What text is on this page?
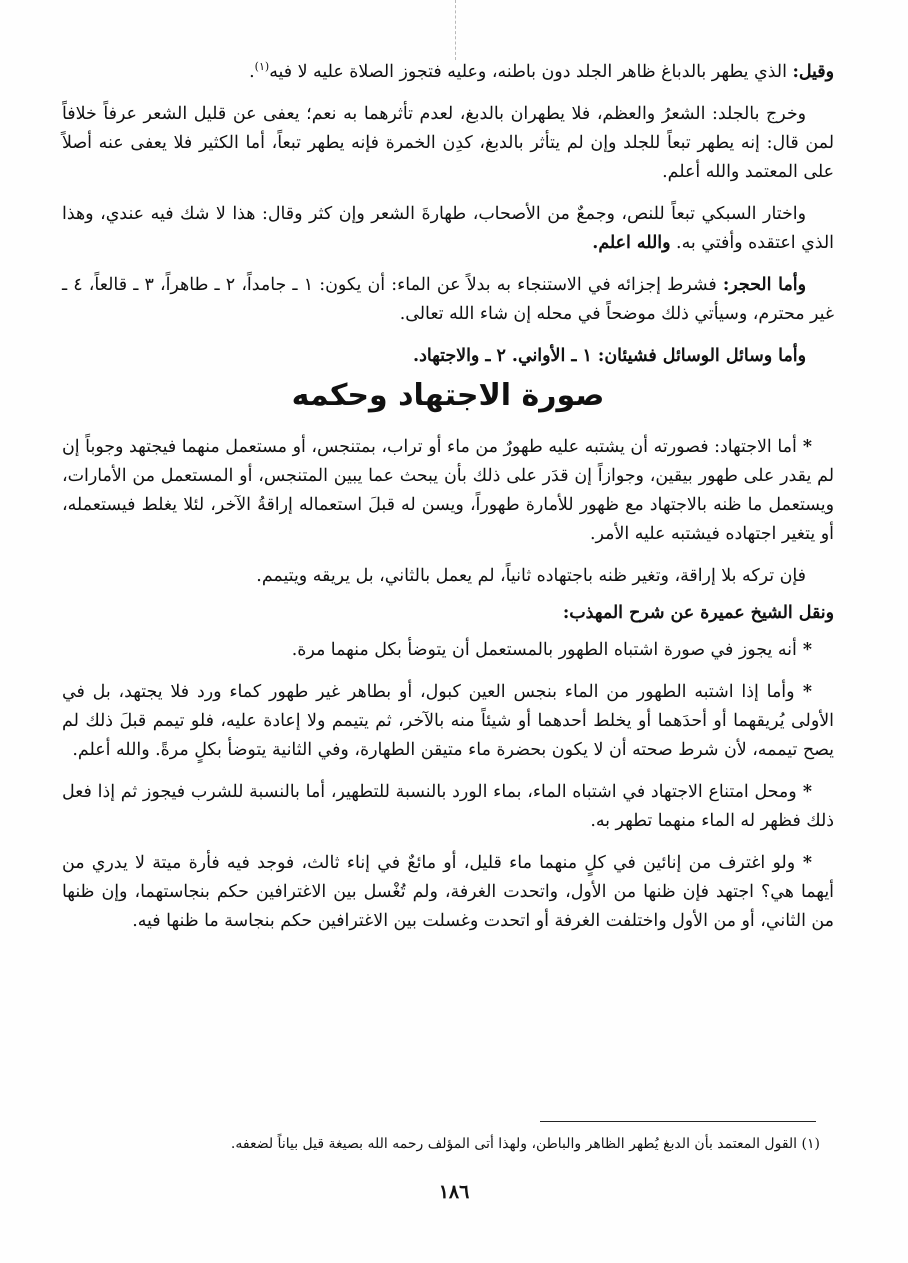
وقيل: الذي يطهر بالدباغ ظاهر الجلد دون باطنه، وعليه فتجوز الصلاة عليه لا فيه$^{(١)}$.

وخرج بالجلد: الشعرُ والعظم، فلا يطهران بالدبغ، لعدم تأثرهما به نعم؛ يعفى عن قليل الشعر عرفاً خلافاً لمن قال: إنه يطهر تبعاً للجلد وإن لم يتأثر بالدبغ، كدِن الخمرة فإنه يطهر تبعاً، أما الكثير فلا يعفى عنه أصلاً على المعتمد والله أعلم.

واختار السبكي تبعاً للنص، وجمعٌ من الأصحاب، طهارةَ الشعر وإن كثر وقال: هذا لا شك فيه عندي، وهذا الذي اعتقده وأفتي به. والله اعلم.

وأما الحجر: فشرط إجزائه في الاستنجاء به بدلاً عن الماء: أن يكون: ١ ـ جامداً، ٢ ـ طاهراً، ٣ ـ قالعاً، ٤ ـ غير محترم، وسيأتي ذلك موضحاً في محله إن شاء الله تعالى.

وأما وسائل الوسائل فشيئان: ١ ـ الأواني. ٢ ـ والاجتهاد.

صورة الاجتهاد وحكمه

* أما الاجتهاد: فصورته أن يشتبه عليه طهورٌ من ماء أو تراب، بمتنجس، أو مستعمل منهما فيجتهد وجوباً إن لم يقدر على طهور بيقين، وجوازاً إن قدَر على ذلك بأن يبحث عما يبين المتنجس، أو المستعمل من الأمارات، ويستعمل ما ظنه بالاجتهاد مع ظهور للأمارة طهوراً، ويسن له قبلَ استعماله إراقةُ الآخر، لئلا يغلط فيستعمله، أو يتغير اجتهاده فيشتبه عليه الأمر.

فإن تركه بلا إراقة، وتغير ظنه باجتهاده ثانياً، لم يعمل بالثاني، بل يريقه ويتيمم.

ونقل الشيخ عميرة عن شرح المهذب:

* أنه يجوز في صورة اشتباه الطهور بالمستعمل أن يتوضأ بكل منهما مرة.

* وأما إذا اشتبه الطهور من الماء بنجس العين كبول، أو بطاهر غير طهور كماء ورد فلا يجتهد، بل في الأولى يُريقهما أو أحدَهما أو يخلط أحدهما أو شيئاً منه بالآخر، ثم يتيمم ولا إعادة عليه، فلو تيمم قبلَ ذلك لم يصح تيممه، لأن شرط صحته أن لا يكون بحضرة ماء متيقن الطهارة، وفي الثانية يتوضأ بكلٍ مرةً. والله أعلم.

* ومحل امتناع الاجتهاد في اشتباه الماء، بماء الورد بالنسبة للتطهير، أما بالنسبة للشرب فيجوز ثم إذا فعل ذلك فظهر له الماء منهما تطهر به.

* ولو اغترف من إنائين في كلٍ منهما ماء قليل، أو مائعٌ في إناء ثالث، فوجد فيه فأرة ميتة لا يدري من أيهما هي؟ اجتهد فإن ظنها من الأول، واتحدت الغرفة، ولم تُغْسل بين الاغترافين حكم بنجاستهما، وإن ظنها من الثاني، أو من الأول واختلفت الغرفة أو اتحدت وغسلت بين الاغترافين حكم بنجاسة ما ظنها فيه.

(١) القول المعتمد بأن الدبغ يُطهر الظاهر والباطن، ولهذا أتى المؤلف رحمه الله بصيغة قيل بياناً لضعفه.
١٨٦
